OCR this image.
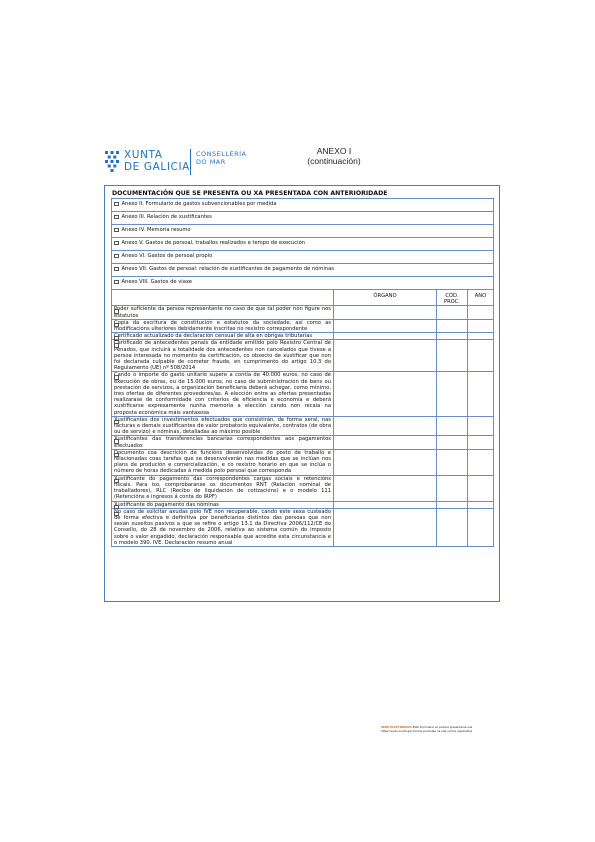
XUNTA
DE GALICIA
CONSELLERÍA
DO MAR
ANEXO I
(continuación)
DOCUMENTACIÓN QUE SE PRESENTA OU XA PRESENTADA CON ANTERIORIDADE
Anexo II. Formulario de gastos subvencionables por medida			
Anexo III. Relación de xustificantes			
Anexo IV. Memoria resumo			
Anexo V. Gastos de persoal, traballos realizados e tempo de execución			
Anexo VI. Gastos de persoal propio			
Anexo VII. Gastos de persoal: relación de xustificantes de pagamento de nóminas			
Anexo VIII. Gastos de viaxe			
	ÓRGANO	CÓD. PROC.	ANO

Poder suficiente da persoa representante no caso de que tal poder non figure nos estatutos			

Copia da escritura de constitución e estatutos da sociedade, así como as modificacións ulteriores debidamente inscritas no rexistro correspondente			

Certificado actualizado da declaración censual de alta en obrigas tributarias			

Certificado de antecedentes penais da entidade emitido polo Rexistro Central de Penados, que incluirá a totalidade dos antecedentes non cancelados que tivese a persoa interesada no momento da certificación, co obxecto de xustificar que non foi declarada culpable de cometer fraude, en cumprimento do artigo 10.3 do Regulamento (UE) nº 508/2014			

Cando o importe do gasto unitario supere a contía de 40.000 euros, no caso de execución de obras, ou de 15.000 euros, no caso de subministración de bens ou prestación de servizos, a organización beneficiaria deberá achegar, como mínimo, tres ofertas de diferentes provedores/as. A elección entre as ofertas presentadas realizarase de conformidade con criterios de eficiencia e economía e deberá xustificarse expresamente nunha memoria a elección cando non recaia na proposta económica máis vantaxosa			

Xustificantes dos investimentos efectuados que consistirán, de forma xeral, nas facturas e demais xustificantes de valor probatorio equivalente, contratos (de obra ou de servizo) e nóminas, detalladas ao máximo posible			

Xustificantes das transferencias bancarias correspondentes aos pagamentos efectuados			

Documento coa descrición de funcións desenvolvidas do posto de traballo e relacionadas coas tarefas que se desenvolverán nas medidas que se inclúan nos plans de produción e comercialización, e co rexistro horario en que se inclúa o número de horas dedicadas á medida polo persoal que corresponda			

Xustificante do pagamento das correspondentes cargas sociais e retencións fiscais. Para iso, comprobaranse os documentos RNT (Relación nominal de traballadores), RLC (Recibo de liquidación de cotizacións) e o modelo 111 (Retencións e ingresos á conta do IRPF)			

Xustificante do pagamento das nóminas			

No caso de solicitar axudas polo IVE non recuperable, cando este sexa custeado de forma efectiva e definitiva por beneficiarios distintos das persoas que non sexan suxeitos pasivos a que se refire o artigo 13.1 da Directiva 2006/112/CE do Consello, do 28 de novembro de 2006, relativa ao sistema común do imposto sobre o valor engadido, declaración responsable que acredite esta circunstancia e o modelo 390. IVE. Declaración resumo anual			
SEDE ELECTRÓNICA Este formulario só poderá presentarse nas
https://sede.xunta.gal formas previstas na súa norma reguladora
